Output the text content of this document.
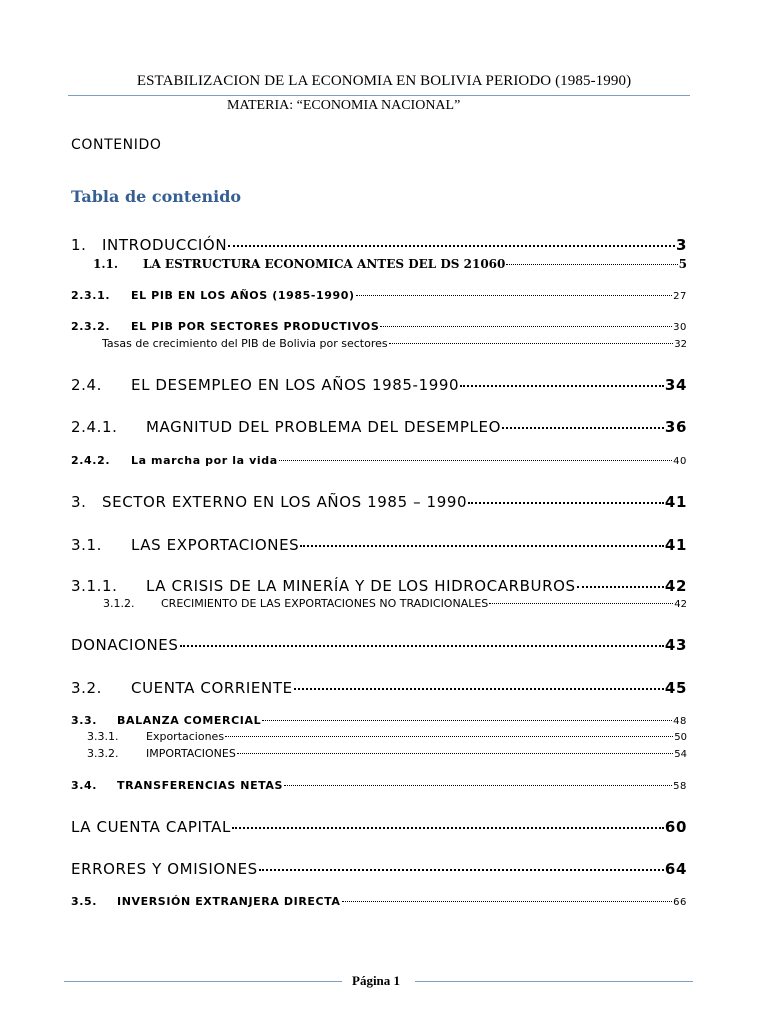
ESTABILIZACION DE LA ECONOMIA EN BOLIVIA PERIODO (1985-1990)
MATERIA: “ECONOMIA NACIONAL”
CONTENIDO
Tabla de contenido
1.	INTRODUCCIÓN	3
1.1.	LA ESTRUCTURA ECONOMICA ANTES DEL DS 21060	5
2.3.1.	EL PIB EN LOS AÑOS (1985-1990)	27
2.3.2.	EL PIB POR SECTORES PRODUCTIVOS	30
Tasas de crecimiento del PIB de Bolivia por sectores	32
2.4.	EL DESEMPLEO EN LOS AÑOS 1985-1990	34
2.4.1.	MAGNITUD DEL PROBLEMA DEL DESEMPLEO	36
2.4.2.	La marcha por la vida	40
3.	SECTOR EXTERNO EN LOS AÑOS 1985 – 1990	41
3.1.	LAS EXPORTACIONES	41
3.1.1.	LA CRISIS DE LA MINERÍA Y DE LOS HIDROCARBUROS	42
3.1.2.	CRECIMIENTO DE LAS EXPORTACIONES NO TRADICIONALES	42
DONACIONES	43
3.2.	CUENTA CORRIENTE	45
3.3.	BALANZA COMERCIAL	48
3.3.1.	Exportaciones	50
3.3.2.	IMPORTACIONES	54
3.4.	TRANSFERENCIAS NETAS	58
LA CUENTA CAPITAL	60
ERRORES Y OMISIONES	64
3.5.	INVERSIÓN EXTRANJERA DIRECTA	66
Página 1
